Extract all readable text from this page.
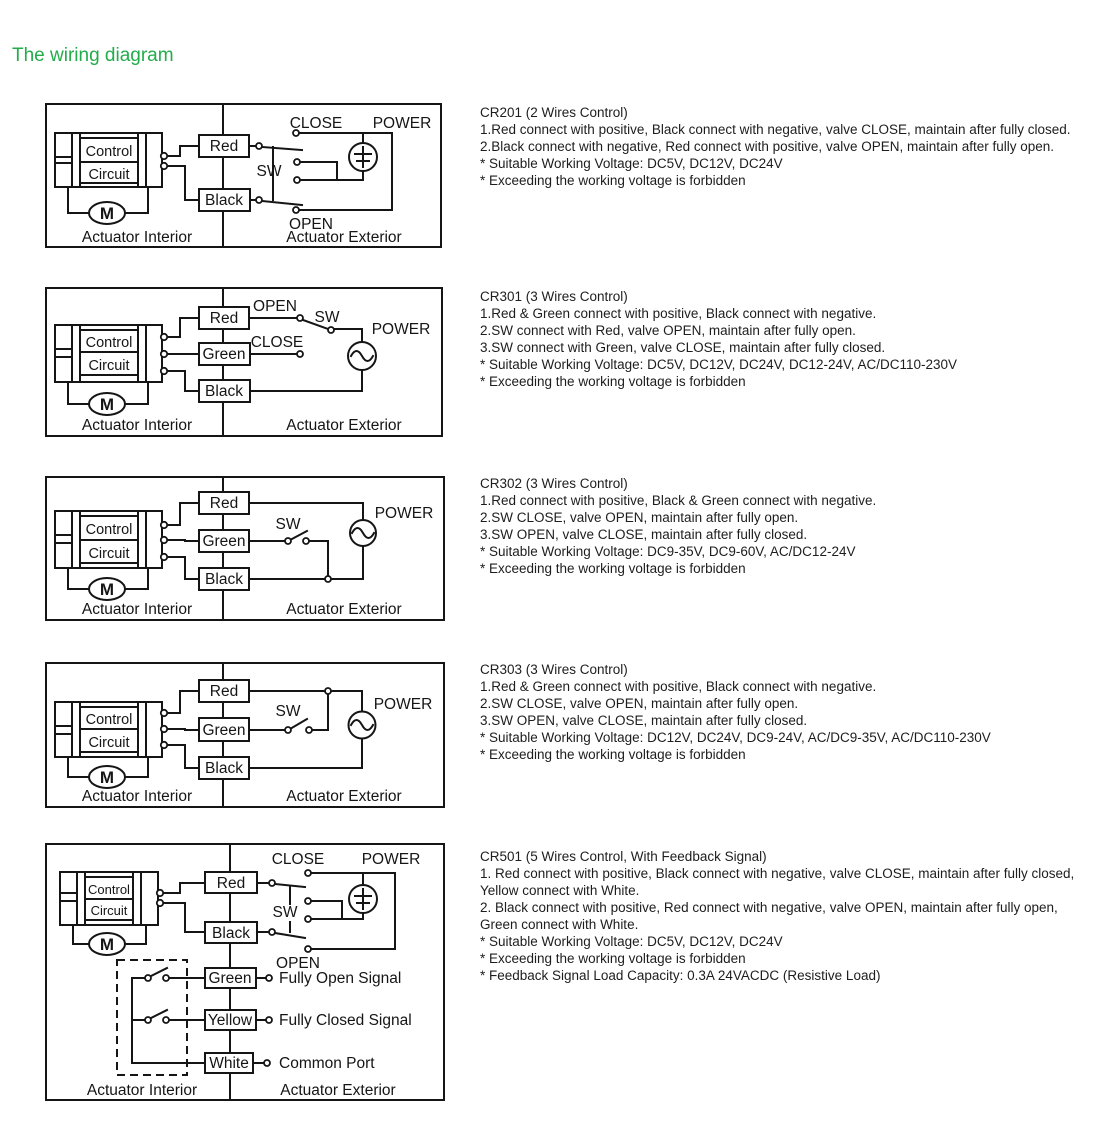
The wiring diagram
Control
Circuit
M
Red
Black
CLOSE POWER
SW
OPEN
Actuator Interior	Actuator Exterior
CR201 (2 Wires Control)
1.Red connect with positive, Black connect with negative, valve CLOSE, maintain after fully closed.
2.Black connect with negative, Red connect with positive, valve OPEN, maintain after fully open.
* Suitable Working Voltage: DC5V, DC12V, DC24V
* Exceeding the working voltage is forbidden
Control
Circuit
M
Red
Green
Black
OPEN
SW
CLOSE
POWER
Actuator Interior	Actuator Exterior
CR301 (3 Wires Control)
1.Red & Green connect with positive, Black connect with negative.
2.SW connect with Red, valve OPEN, maintain after fully open.
3.SW connect with Green, valve CLOSE, maintain after fully closed.
* Suitable Working Voltage: DC5V, DC12V, DC24V, DC12-24V, AC/DC110-230V
* Exceeding the working voltage is forbidden
Control
Circuit
M
Red
Green
Black
SW
POWER
Actuator Interior	Actuator Exterior
CR302 (3 Wires Control)
1.Red connect with positive, Black & Green connect with negative.
2.SW CLOSE, valve OPEN, maintain after fully open.
3.SW OPEN, valve CLOSE, maintain after fully closed.
* Suitable Working Voltage: DC9-35V, DC9-60V, AC/DC12-24V
* Exceeding the working voltage is forbidden
Control
Circuit
M
Red
Green
Black
SW	POWER
Actuator Interior	Actuator Exterior
CR303 (3 Wires Control)
1.Red & Green connect with positive, Black connect with negative.
2.SW CLOSE, valve OPEN, maintain after fully open.
3.SW OPEN, valve CLOSE, maintain after fully closed.
* Suitable Working Voltage: DC12V, DC24V, DC9-24V, AC/DC9-35V, AC/DC110-230V
* Exceeding the working voltage is forbidden
Control
Circuit
M
Red
Black
CLOSE POWER
SW
OPEN
Green
Yellow
White
Fully Open Signal
Fully Closed Signal
Common Port
Actuator Interior	Actuator Exterior
CR501 (5 Wires Control, With Feedback Signal)
1. Red connect with positive, Black connect with negative, valve CLOSE, maintain after fully closed,
Yellow connect with White.
2. Black connect with positive, Red connect with negative, valve OPEN, maintain after fully open,
Green connect with White.
* Suitable Working Voltage: DC5V, DC12V, DC24V
* Exceeding the working voltage is forbidden
* Feedback Signal Load Capacity: 0.3A 24VACDC (Resistive Load)
